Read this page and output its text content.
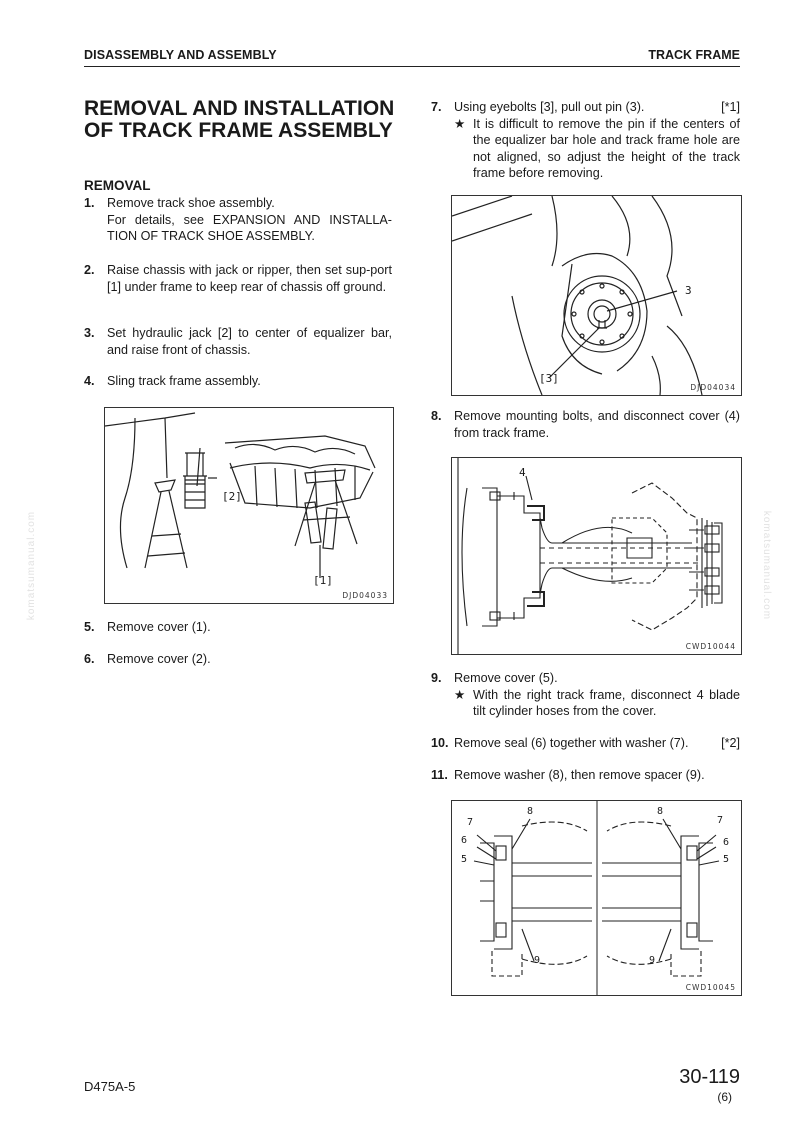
DISASSEMBLY AND ASSEMBLY	TRACK FRAME
komatsumanual.com	komatsumanual.com
REMOVAL AND INSTALLATION OF TRACK FRAME ASSEMBLY
REMOVAL
1. Remove track shoe assembly.

For details, see EXPANSION AND INSTALLA-TION OF TRACK SHOE ASSEMBLY.

2. Raise chassis with jack or ripper, then set sup-port [1] under frame to keep rear of chassis off ground.

3. Set hydraulic jack [2] to center of equalizer bar, and raise front of chassis.

4. Sling track frame assembly.

[2]
[1]
DJD04033
5. Remove cover (1).

6. Remove cover (2).

7.	[*1]

Using eyebolts [3], pull out pin (3).

★ It is difficult to remove the pin if the centers of the equalizer bar hole and track frame hole are not aligned, so adjust the height of the track frame before removing.
3
[3]
DJD04034
8. Remove mounting bolts, and disconnect cover (4) from track frame.

4
CWD10044
9. Remove cover (5).

★ With the right track frame, disconnect 4 blade tilt cylinder hoses from the cover.
10.	[*2]

Remove seal (6) together with washer (7).

11. Remove washer (8), then remove spacer (9).

7
6
5
8
9
8
7
6
5
9
CWD10045
D475A-5	30-119
(6)
